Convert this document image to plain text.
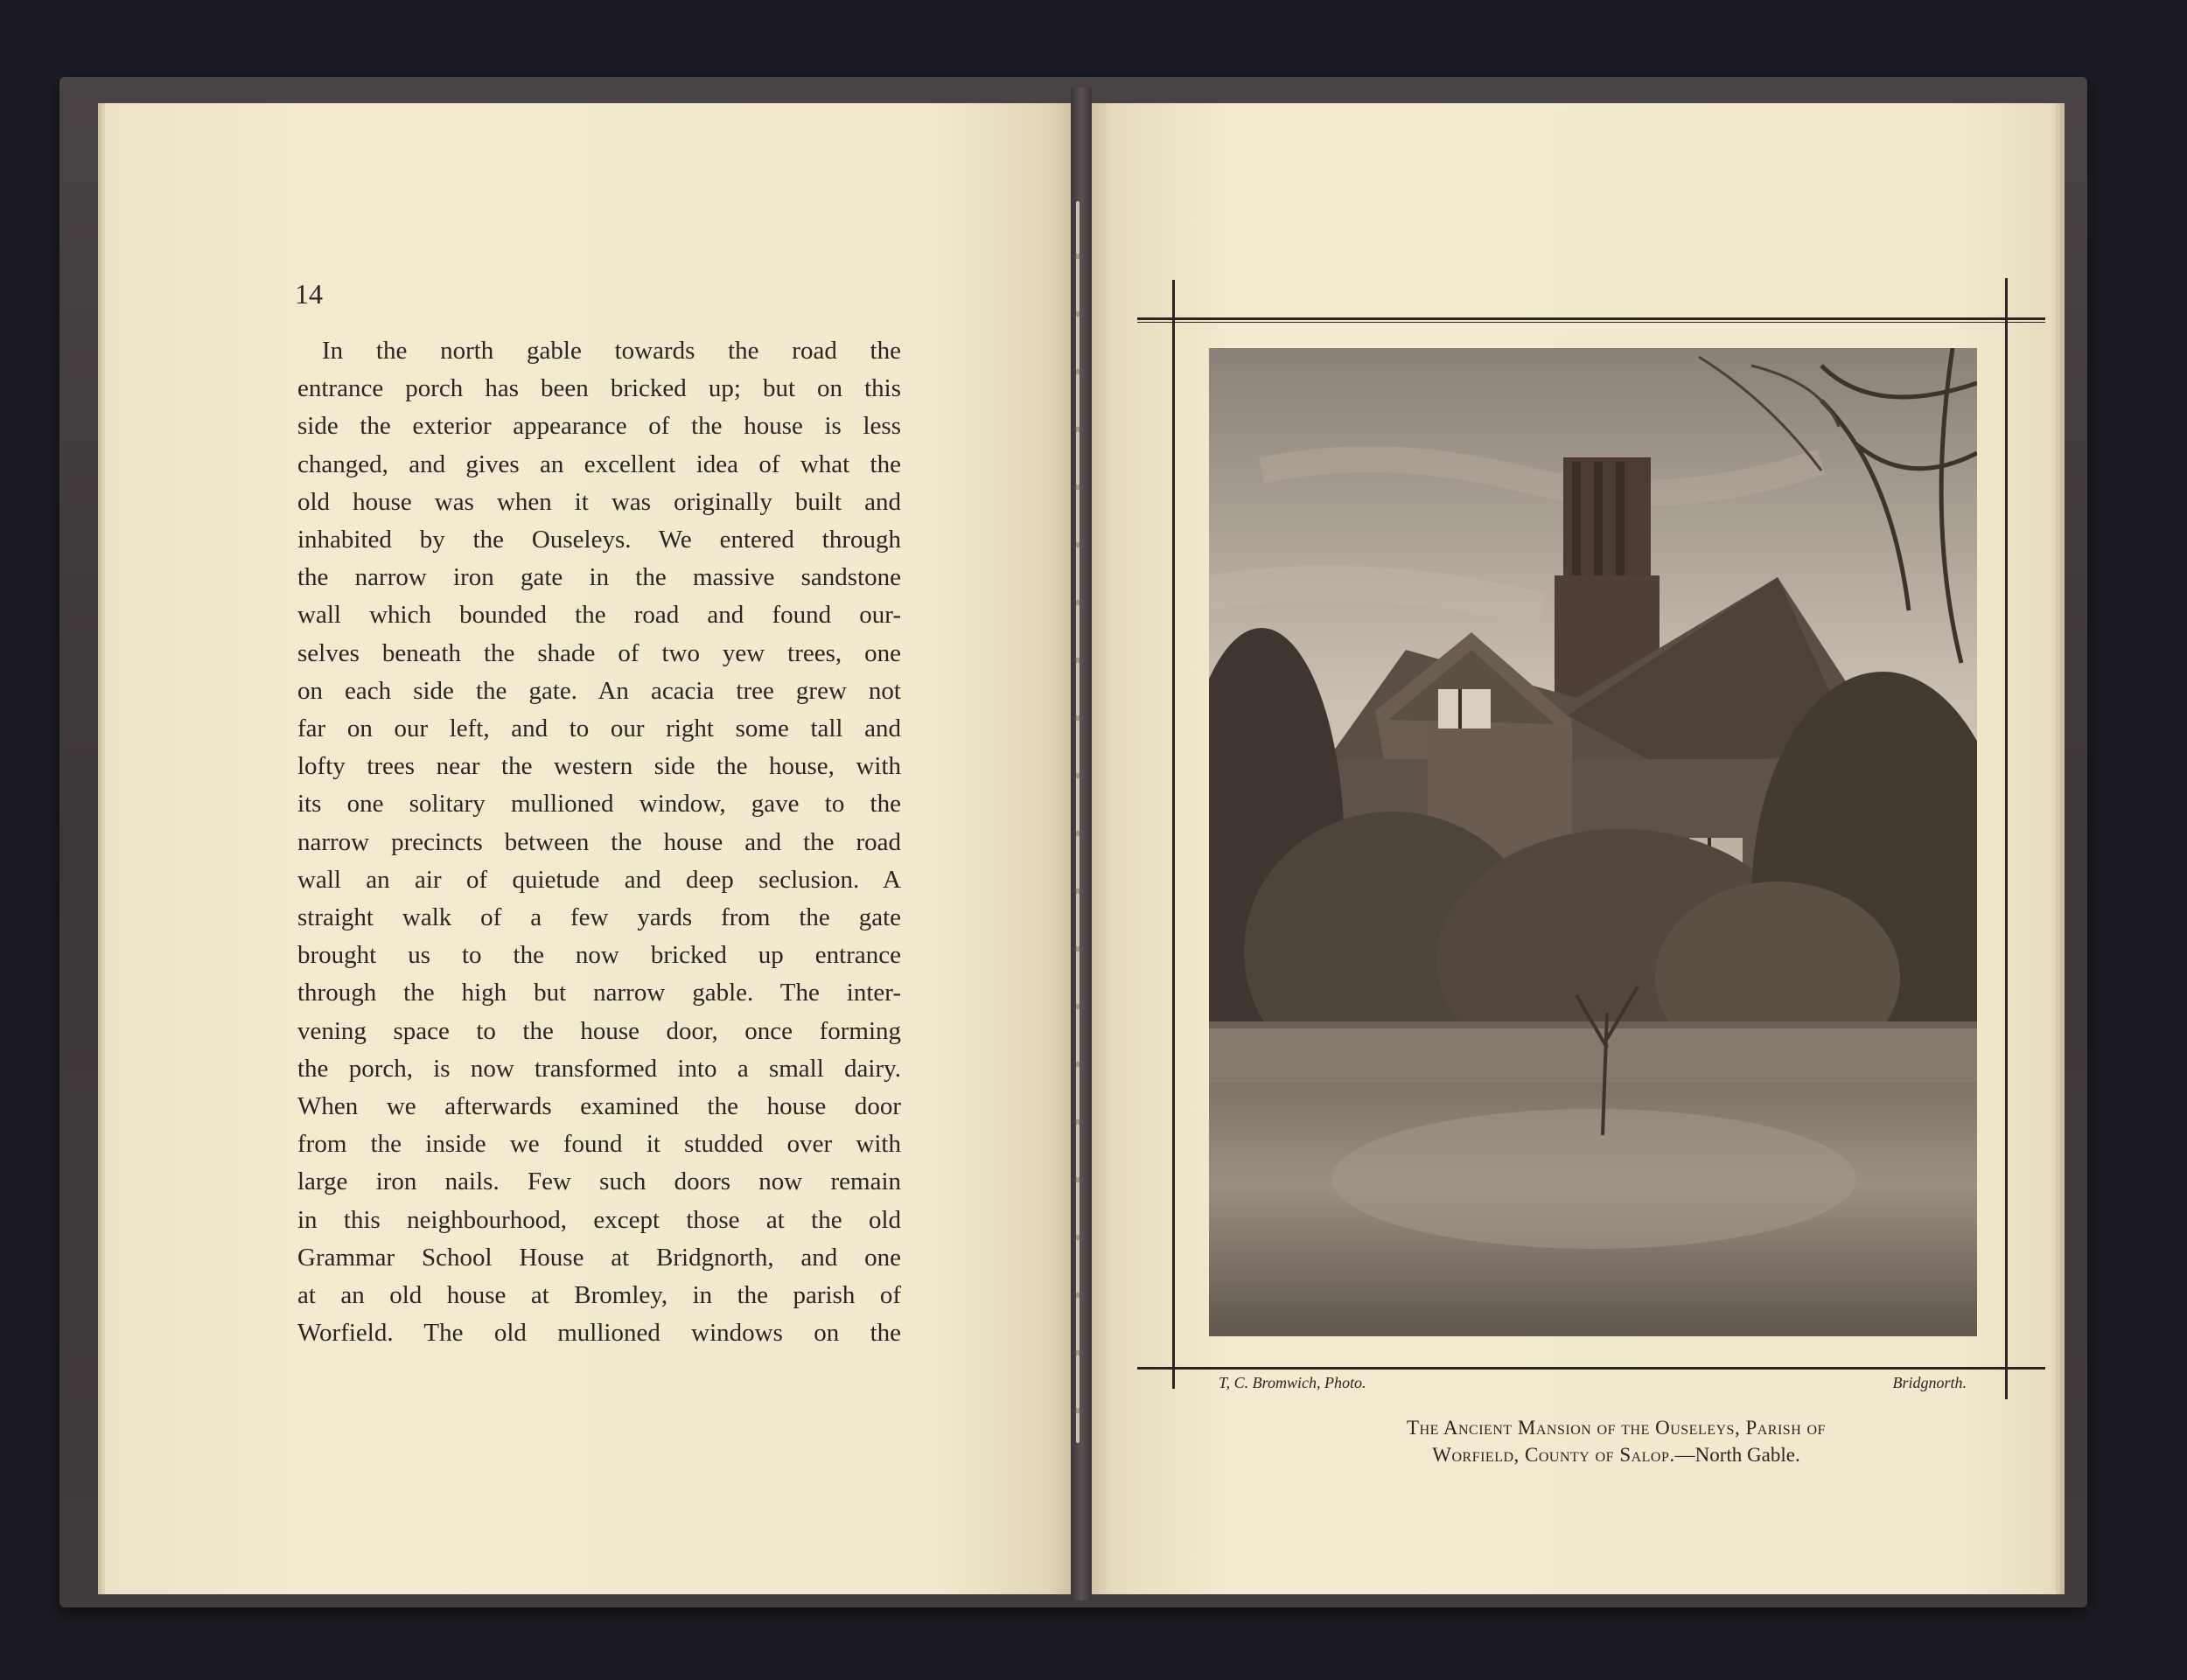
14
In the north gable towards the road the
entrance porch has been bricked up; but on this
side the exterior appearance of the house is less
changed, and gives an excellent idea of what the
old house was when it was originally built and
inhabited by the Ouseleys. We entered through
the narrow iron gate in the massive sandstone
wall which bounded the road and found our-
selves beneath the shade of two yew trees, one
on each side the gate. An acacia tree grew not
far on our left, and to our right some tall and
lofty trees near the western side the house, with
its one solitary mullioned window, gave to the
narrow precincts between the house and the road
wall an air of quietude and deep seclusion. A
straight walk of a few yards from the gate
brought us to the now bricked up entrance
through the high but narrow gable. The inter-
vening space to the house door, once forming
the porch, is now transformed into a small dairy.
When we afterwards examined the house door
from the inside we found it studded over with
large iron nails. Few such doors now remain
in this neighbourhood, except those at the old
Grammar School House at Bridgnorth, and one
at an old house at Bromley, in the parish of
Worfield. The old mullioned windows on the
T, C. Bromwich, Photo.	Bridgnorth.
The Ancient Mansion of the Ouseleys, Parish of
Worfield, County of Salop.—North Gable.
